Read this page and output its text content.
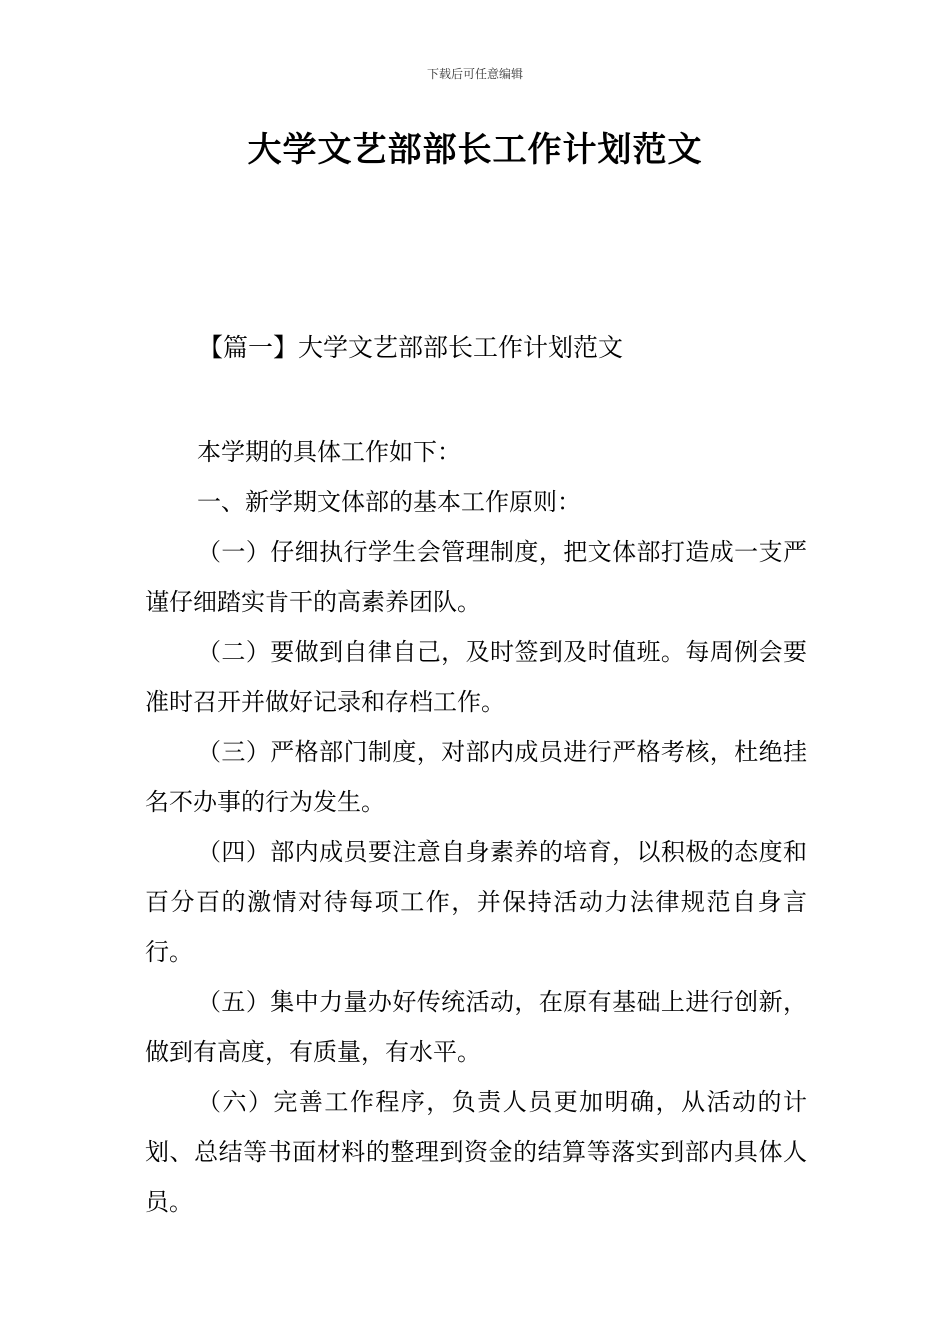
下载后可任意编辑
大学文艺部部长工作计划范文
【篇一】大学文艺部部长工作计划范文

本学期的具体工作如下：

一、新学期文体部的基本工作原则：

（一）仔细执行学生会管理制度，把文体部打造成一支严谨仔细踏实肯干的高素养团队。

（二）要做到自律自己，及时签到及时值班。每周例会要准时召开并做好记录和存档工作。

（三）严格部门制度，对部内成员进行严格考核，杜绝挂名不办事的行为发生。

（四）部内成员要注意自身素养的培育，以积极的态度和百分百的激情对待每项工作，并保持活动力法律规范自身言行。

（五）集中力量办好传统活动，在原有基础上进行创新，做到有高度，有质量，有水平。

（六）完善工作程序，负责人员更加明确，从活动的计划、总结等书面材料的整理到资金的结算等落实到部内具体人员。
